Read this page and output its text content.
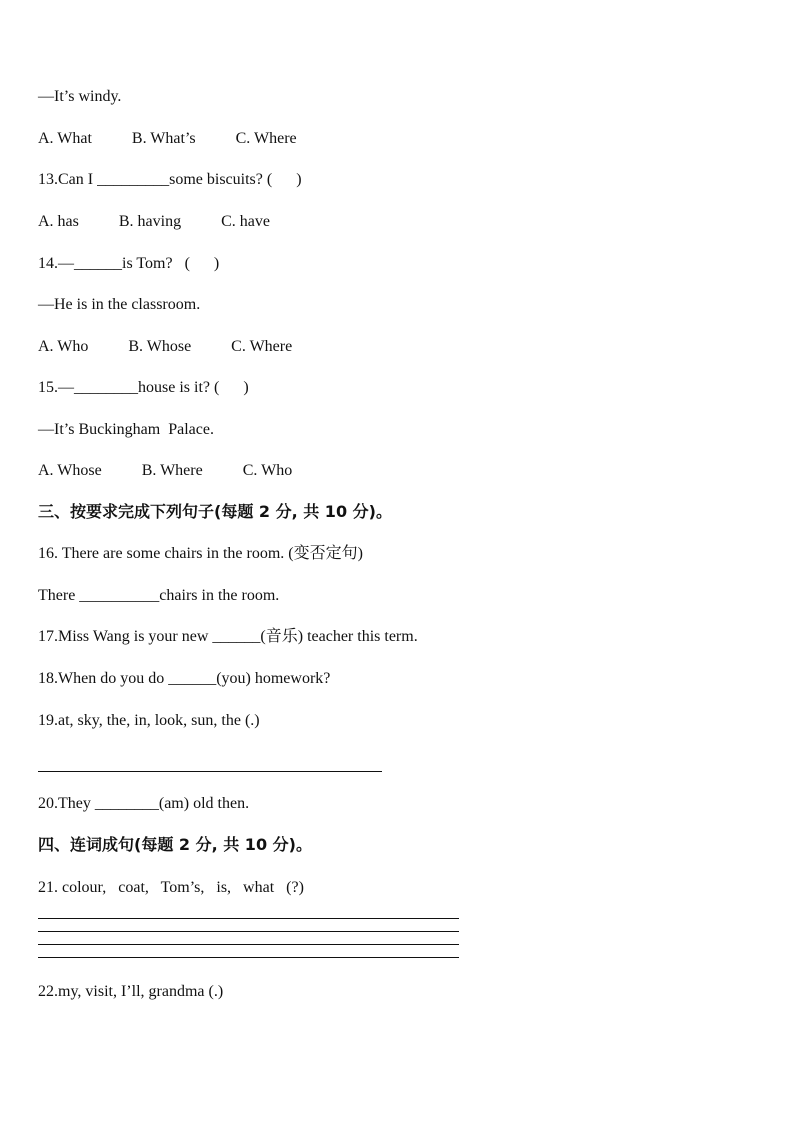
—It’s windy.
A. What          B. What’s          C. Where
13.Can I _________some biscuits? (      )
A. has          B. having          C. have
14.—______is Tom?   (      )
—He is in the classroom.
A. Who          B. Whose          C. Where
15.—________house is it? (      )
—It’s Buckingham  Palace.
A. Whose          B. Where          C. Who
三、按要求完成下列句子(每题 2 分, 共 10 分)。
16. There are some chairs in the room. (变否定句)
There __________chairs in the room.
17.Miss Wang is your new ______(音乐) teacher this term.
18.When do you do ______(you) homework?
19.at, sky, the, in, look, sun, the (.)
20.They ________(am) old then.
四、连词成句(每题 2 分, 共 10 分)。
21. colour,   coat,   Tom’s,   is,   what   (?)
22.my, visit, I’ll, grandma (.)
